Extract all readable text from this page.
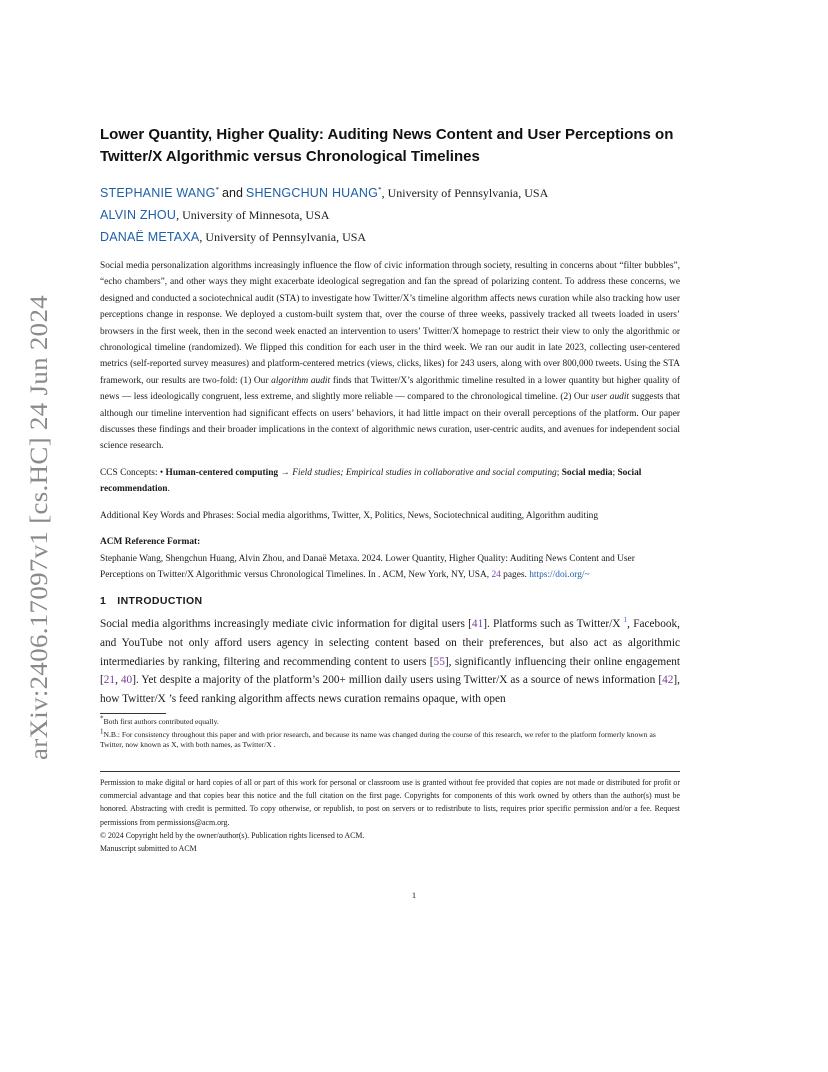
arXiv:2406.17097v1 [cs.HC] 24 Jun 2024
Lower Quantity, Higher Quality: Auditing News Content and User Perceptions on Twitter/X Algorithmic versus Chronological Timelines
STEPHANIE WANG* and SHENGCHUN HUANG*, University of Pennsylvania, USA
ALVIN ZHOU, University of Minnesota, USA
DANAË METAXA, University of Pennsylvania, USA
Social media personalization algorithms increasingly influence the flow of civic information through society, resulting in concerns about “filter bubbles”, “echo chambers”, and other ways they might exacerbate ideological segregation and fan the spread of polarizing content. To address these concerns, we designed and conducted a sociotechnical audit (STA) to investigate how Twitter/X’s timeline algorithm affects news curation while also tracking how user perceptions change in response. We deployed a custom-built system that, over the course of three weeks, passively tracked all tweets loaded in users’ browsers in the first week, then in the second week enacted an intervention to users’ Twitter/X homepage to restrict their view to only the algorithmic or chronological timeline (randomized). We flipped this condition for each user in the third week. We ran our audit in late 2023, collecting user-centered metrics (self-reported survey measures) and platform-centered metrics (views, clicks, likes) for 243 users, along with over 800,000 tweets. Using the STA framework, our results are two-fold: (1) Our algorithm audit finds that Twitter/X’s algorithmic timeline resulted in a lower quantity but higher quality of news — less ideologically congruent, less extreme, and slightly more reliable — compared to the chronological timeline. (2) Our user audit suggests that although our timeline intervention had significant effects on users’ behaviors, it had little impact on their overall perceptions of the platform. Our paper discusses these findings and their broader implications in the context of algorithmic news curation, user-centric audits, and avenues for independent social science research.
CCS Concepts: • Human-centered computing → Field studies; Empirical studies in collaborative and social computing; Social media; Social recommendation.
Additional Key Words and Phrases: Social media algorithms, Twitter, X, Politics, News, Sociotechnical auditing, Algorithm auditing
ACM Reference Format:
Stephanie Wang, Shengchun Huang, Alvin Zhou, and Danaë Metaxa. 2024. Lower Quantity, Higher Quality: Auditing News Content and User Perceptions on Twitter/X Algorithmic versus Chronological Timelines. In . ACM, New York, NY, USA, 24 pages. https://doi.org/~
1 INTRODUCTION
Social media algorithms increasingly mediate civic information for digital users [41]. Platforms such as Twitter/X $^1$, Facebook, and YouTube not only afford users agency in selecting content based on their preferences, but also act as algorithmic intermediaries by ranking, filtering and recommending content to users [55], significantly influencing their online engagement [21, 40]. Yet despite a majority of the platform’s 200+ million daily users using Twitter/X as a source of news information [42], how Twitter/X ’s feed ranking algorithm affects news curation remains opaque, with open
*Both first authors contributed equally.
$^1$N.B.: For consistency throughout this paper and with prior research, and because its name was changed during the course of this research, we refer to the platform formerly known as Twitter, now known as X, with both names, as Twitter/X .
Permission to make digital or hard copies of all or part of this work for personal or classroom use is granted without fee provided that copies are not made or distributed for profit or commercial advantage and that copies bear this notice and the full citation on the first page. Copyrights for components of this work owned by others than the author(s) must be honored. Abstracting with credit is permitted. To copy otherwise, or republish, to post on servers or to redistribute to lists, requires prior specific permission and/or a fee. Request permissions from permissions@acm.org.
© 2024 Copyright held by the owner/author(s). Publication rights licensed to ACM.
Manuscript submitted to ACM
1
